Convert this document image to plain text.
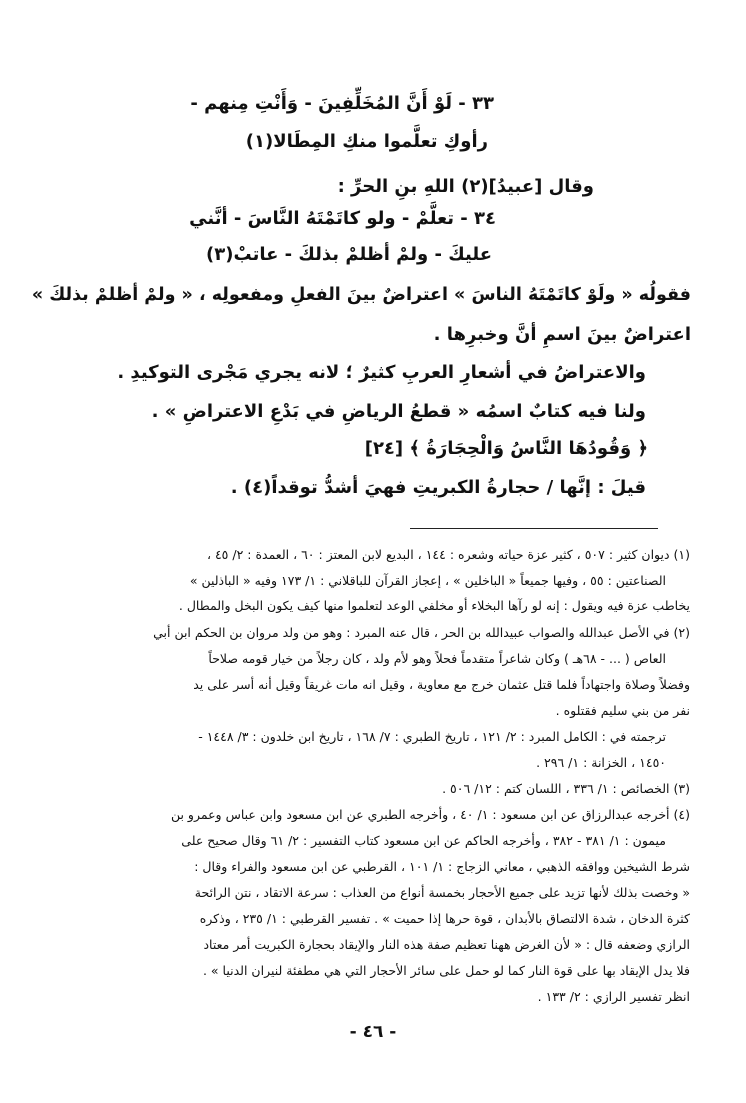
٣٣ - لَوْ أَنَّ المُخَلِّفِينَ - وَأَنْتِ مِنهم -
رأوكِ تعلَّموا منكِ المِطَالا(١)
وقال [عبيدُ](٢) اللهِ بنِ الحرِّ :
٣٤ - تعلَّمْ - ولو كاتَمْتَهُ النَّاسَ - أنَّني
عليكَ - ولمْ أظلمْ بذلكَ - عاتبْ(٣)
فقولُه « ولَوْ كاتَمْتَهُ الناسَ » اعتراضٌ بينَ الفعلِ ومفعولِه ، « ولمْ أظلمْ بذلكَ »
اعتراضٌ بينَ اسمِ أنَّ وخبرِها .
والاعتراضُ في أشعارِ العربِ كثيرٌ ؛ لانه يجري مَجْرى التوكيدِ .
ولنا فيه كتابٌ اسمُه « قطعُ الرياضِ في بَدْعِ الاعتراضِ » .
﴿ وَقُودُهَا النَّاسُ وَالْحِجَارَةُ ﴾ [٢٤]
قيلَ : إنَّها / حجارةُ الكبريتِ فهيَ أشدُّ توقداً(٤) .
(١) ديوان كثير : ٥٠٧ ، كثير عزة حياته وشعره : ١٤٤ ، البديع لابن المعتز : ٦٠ ، العمدة : ٢/ ٤٥ ،
الصناعتين : ٥٥ ، وفيها جميعاً « الباخلين » ، إعجاز القرآن للباقلاني : ١/ ١٧٣ وفيه « الباذلين »
يخاطب عزة فيه ويقول : إنه لو رآها البخلاء أو مخلفي الوعد لتعلموا منها كيف يكون البخل والمطال .
(٢) في الأصل عبدالله والصواب عبيدالله بن الحر ، قال عنه المبرد : وهو من ولد مروان بن الحكم ابن أبي
العاص ( ... - ٦٨هـ ) وكان شاعراً متقدماً فحلاً وهو لأم ولد ، كان رجلاً من خيار قومه صلاحاً
وفضلاً وصلاة واجتهاداً فلما قتل عثمان خرج مع معاوية ، وقيل انه مات غريقاً وقيل أنه أسر على يد
نفر من بني سليم فقتلوه .
ترجمته في : الكامل المبرد : ٢/ ١٢١ ، تاريخ الطبري : ٧/ ١٦٨ ، تاريخ ابن خلدون : ٣/ ١٤٤٨ -
١٤٥٠ ، الخزانة : ١/ ٢٩٦ .
(٣) الخصائص : ١/ ٣٣٦ ، اللسان كتم : ١٢/ ٥٠٦ .
(٤) أخرجه عبدالرزاق عن ابن مسعود : ١/ ٤٠ ، وأخرجه الطبري عن ابن مسعود وابن عباس وعمرو بن
ميمون : ١/ ٣٨١ - ٣٨٢ ، وأخرجه الحاكم عن ابن مسعود كتاب التفسير : ٢/ ٦١ وقال صحيح على
شرط الشيخين ووافقه الذهبي ، معاني الزجاج : ١/ ١٠١ ، القرطبي عن ابن مسعود والفراء وقال :
« وخصت بذلك لأنها تزيد على جميع الأحجار بخمسة أنواع من العذاب : سرعة الاتقاد ، نتن الرائحة
كثرة الدخان ، شدة الالتصاق بالأبدان ، قوة حرها إذا حميت » . تفسير القرطبي : ١/ ٢٣٥ ، وذكره
الرازي وضعفه قال : « لأن الغرض ههنا تعظيم صفة هذه النار والإيقاد بحجارة الكبريت أمر معتاد
فلا يدل الإيقاد بها على قوة النار كما لو حمل على سائر الأحجار التي هي مطفئة لنيران الدنيا » .
انظر تفسير الرازي : ٢/ ١٣٣ .
- ٤٦ -
